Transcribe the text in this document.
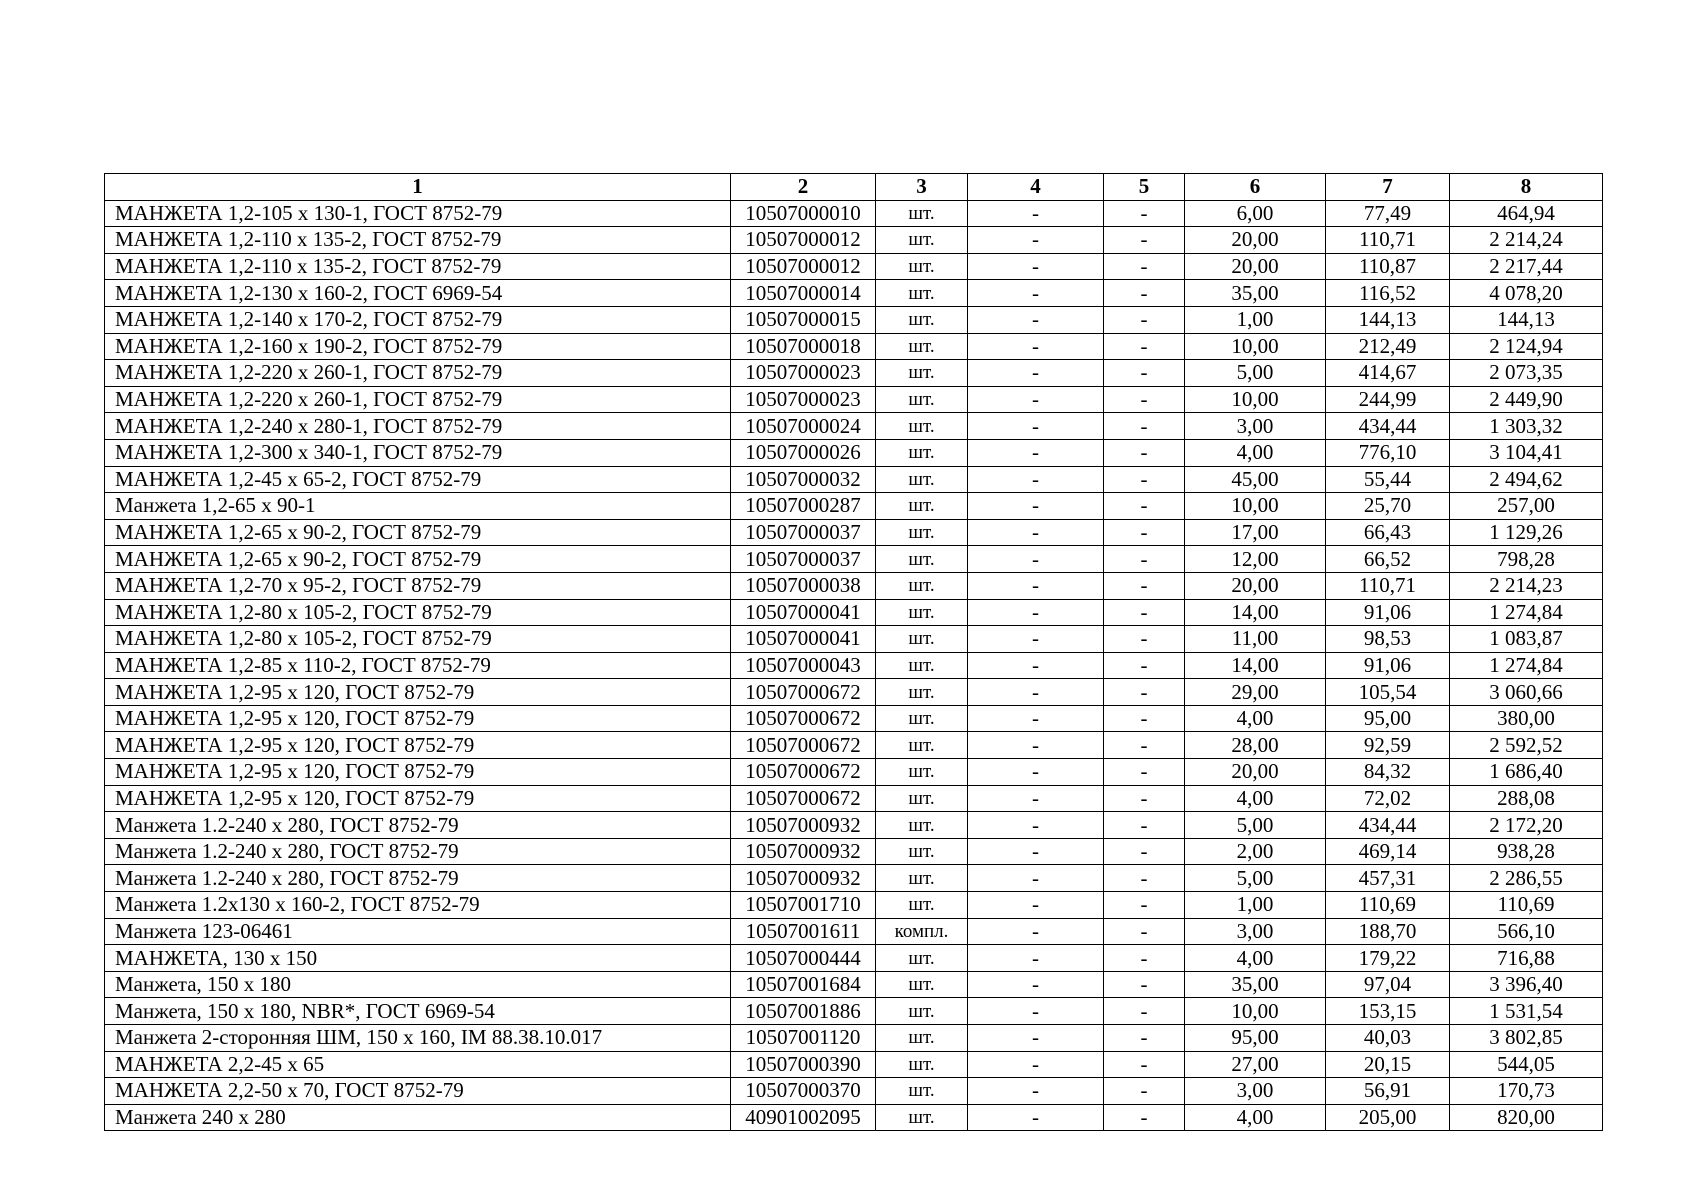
1	2	3	4	5	6	7	8
МАНЖЕТА 1,2-105 х 130-1, ГОСТ 8752-79	10507000010	шт.	-	-	6,00	77,49	464,94
МАНЖЕТА 1,2-110 х 135-2, ГОСТ 8752-79	10507000012	шт.	-	-	20,00	110,71	2 214,24
МАНЖЕТА 1,2-110 х 135-2, ГОСТ 8752-79	10507000012	шт.	-	-	20,00	110,87	2 217,44
МАНЖЕТА 1,2-130 х 160-2, ГОСТ 6969-54	10507000014	шт.	-	-	35,00	116,52	4 078,20
МАНЖЕТА 1,2-140 х 170-2, ГОСТ 8752-79	10507000015	шт.	-	-	1,00	144,13	144,13
МАНЖЕТА 1,2-160 х 190-2, ГОСТ 8752-79	10507000018	шт.	-	-	10,00	212,49	2 124,94
МАНЖЕТА 1,2-220 х 260-1, ГОСТ 8752-79	10507000023	шт.	-	-	5,00	414,67	2 073,35
МАНЖЕТА 1,2-220 х 260-1, ГОСТ 8752-79	10507000023	шт.	-	-	10,00	244,99	2 449,90
МАНЖЕТА 1,2-240 х 280-1, ГОСТ 8752-79	10507000024	шт.	-	-	3,00	434,44	1 303,32
МАНЖЕТА 1,2-300 х 340-1, ГОСТ 8752-79	10507000026	шт.	-	-	4,00	776,10	3 104,41
МАНЖЕТА 1,2-45 х 65-2, ГОСТ 8752-79	10507000032	шт.	-	-	45,00	55,44	2 494,62
Манжета 1,2-65 х 90-1	10507000287	шт.	-	-	10,00	25,70	257,00
МАНЖЕТА 1,2-65 х 90-2, ГОСТ 8752-79	10507000037	шт.	-	-	17,00	66,43	1 129,26
МАНЖЕТА 1,2-65 х 90-2, ГОСТ 8752-79	10507000037	шт.	-	-	12,00	66,52	798,28
МАНЖЕТА 1,2-70 х 95-2, ГОСТ 8752-79	10507000038	шт.	-	-	20,00	110,71	2 214,23
МАНЖЕТА 1,2-80 х 105-2, ГОСТ 8752-79	10507000041	шт.	-	-	14,00	91,06	1 274,84
МАНЖЕТА 1,2-80 х 105-2, ГОСТ 8752-79	10507000041	шт.	-	-	11,00	98,53	1 083,87
МАНЖЕТА 1,2-85 х 110-2, ГОСТ 8752-79	10507000043	шт.	-	-	14,00	91,06	1 274,84
МАНЖЕТА 1,2-95 х 120, ГОСТ 8752-79	10507000672	шт.	-	-	29,00	105,54	3 060,66
МАНЖЕТА 1,2-95 х 120, ГОСТ 8752-79	10507000672	шт.	-	-	4,00	95,00	380,00
МАНЖЕТА 1,2-95 х 120, ГОСТ 8752-79	10507000672	шт.	-	-	28,00	92,59	2 592,52
МАНЖЕТА 1,2-95 х 120, ГОСТ 8752-79	10507000672	шт.	-	-	20,00	84,32	1 686,40
МАНЖЕТА 1,2-95 х 120, ГОСТ 8752-79	10507000672	шт.	-	-	4,00	72,02	288,08
Манжета 1.2-240 х 280, ГОСТ 8752-79	10507000932	шт.	-	-	5,00	434,44	2 172,20
Манжета 1.2-240 х 280, ГОСТ 8752-79	10507000932	шт.	-	-	2,00	469,14	938,28
Манжета 1.2-240 х 280, ГОСТ 8752-79	10507000932	шт.	-	-	5,00	457,31	2 286,55
Манжета 1.2х130 х 160-2, ГОСТ 8752-79	10507001710	шт.	-	-	1,00	110,69	110,69
Манжета 123-06461	10507001611	компл.	-	-	3,00	188,70	566,10
МАНЖЕТА, 130 х 150	10507000444	шт.	-	-	4,00	179,22	716,88
Манжета, 150 х 180	10507001684	шт.	-	-	35,00	97,04	3 396,40
Манжета, 150 х 180, NBR*, ГОСТ 6969-54	10507001886	шт.	-	-	10,00	153,15	1 531,54
Манжета 2-сторонняя ШМ, 150 х 160, IM 88.38.10.017	10507001120	шт.	-	-	95,00	40,03	3 802,85
МАНЖЕТА 2,2-45 х 65	10507000390	шт.	-	-	27,00	20,15	544,05
МАНЖЕТА 2,2-50 х 70, ГОСТ 8752-79	10507000370	шт.	-	-	3,00	56,91	170,73
Манжета 240 х 280	40901002095	шт.	-	-	4,00	205,00	820,00
